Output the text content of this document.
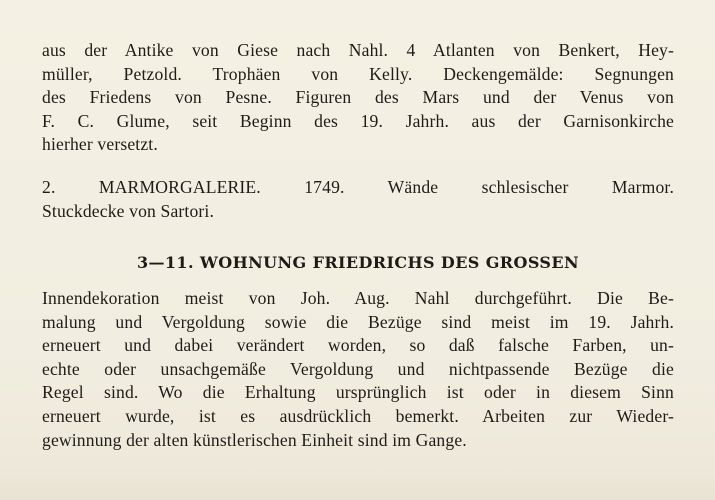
aus der Antike von Giese nach Nahl. 4 Atlanten von Benkert, Hey-
müller, Petzold. Trophäen von Kelly. Deckengemälde: Segnungen
des Friedens von Pesne. Figuren des Mars und der Venus von
F. C. Glume, seit Beginn des 19. Jahrh. aus der Garnisonkirche
hierher versetzt.
2. MARMORGALERIE. 1749. Wände schlesischer Marmor.
Stuckdecke von Sartori.
3—11. WOHNUNG FRIEDRICHS DES GROSSEN
Innendekoration meist von Joh. Aug. Nahl durchgeführt. Die Be-
malung und Vergoldung sowie die Bezüge sind meist im 19. Jahrh.
erneuert und dabei verändert worden, so daß falsche Farben, un-
echte oder unsachgemäße Vergoldung und nichtpassende Bezüge die
Regel sind. Wo die Erhaltung ursprünglich ist oder in diesem Sinn
erneuert wurde, ist es ausdrücklich bemerkt. Arbeiten zur Wieder-
gewinnung der alten künstlerischen Einheit sind im Gange.
